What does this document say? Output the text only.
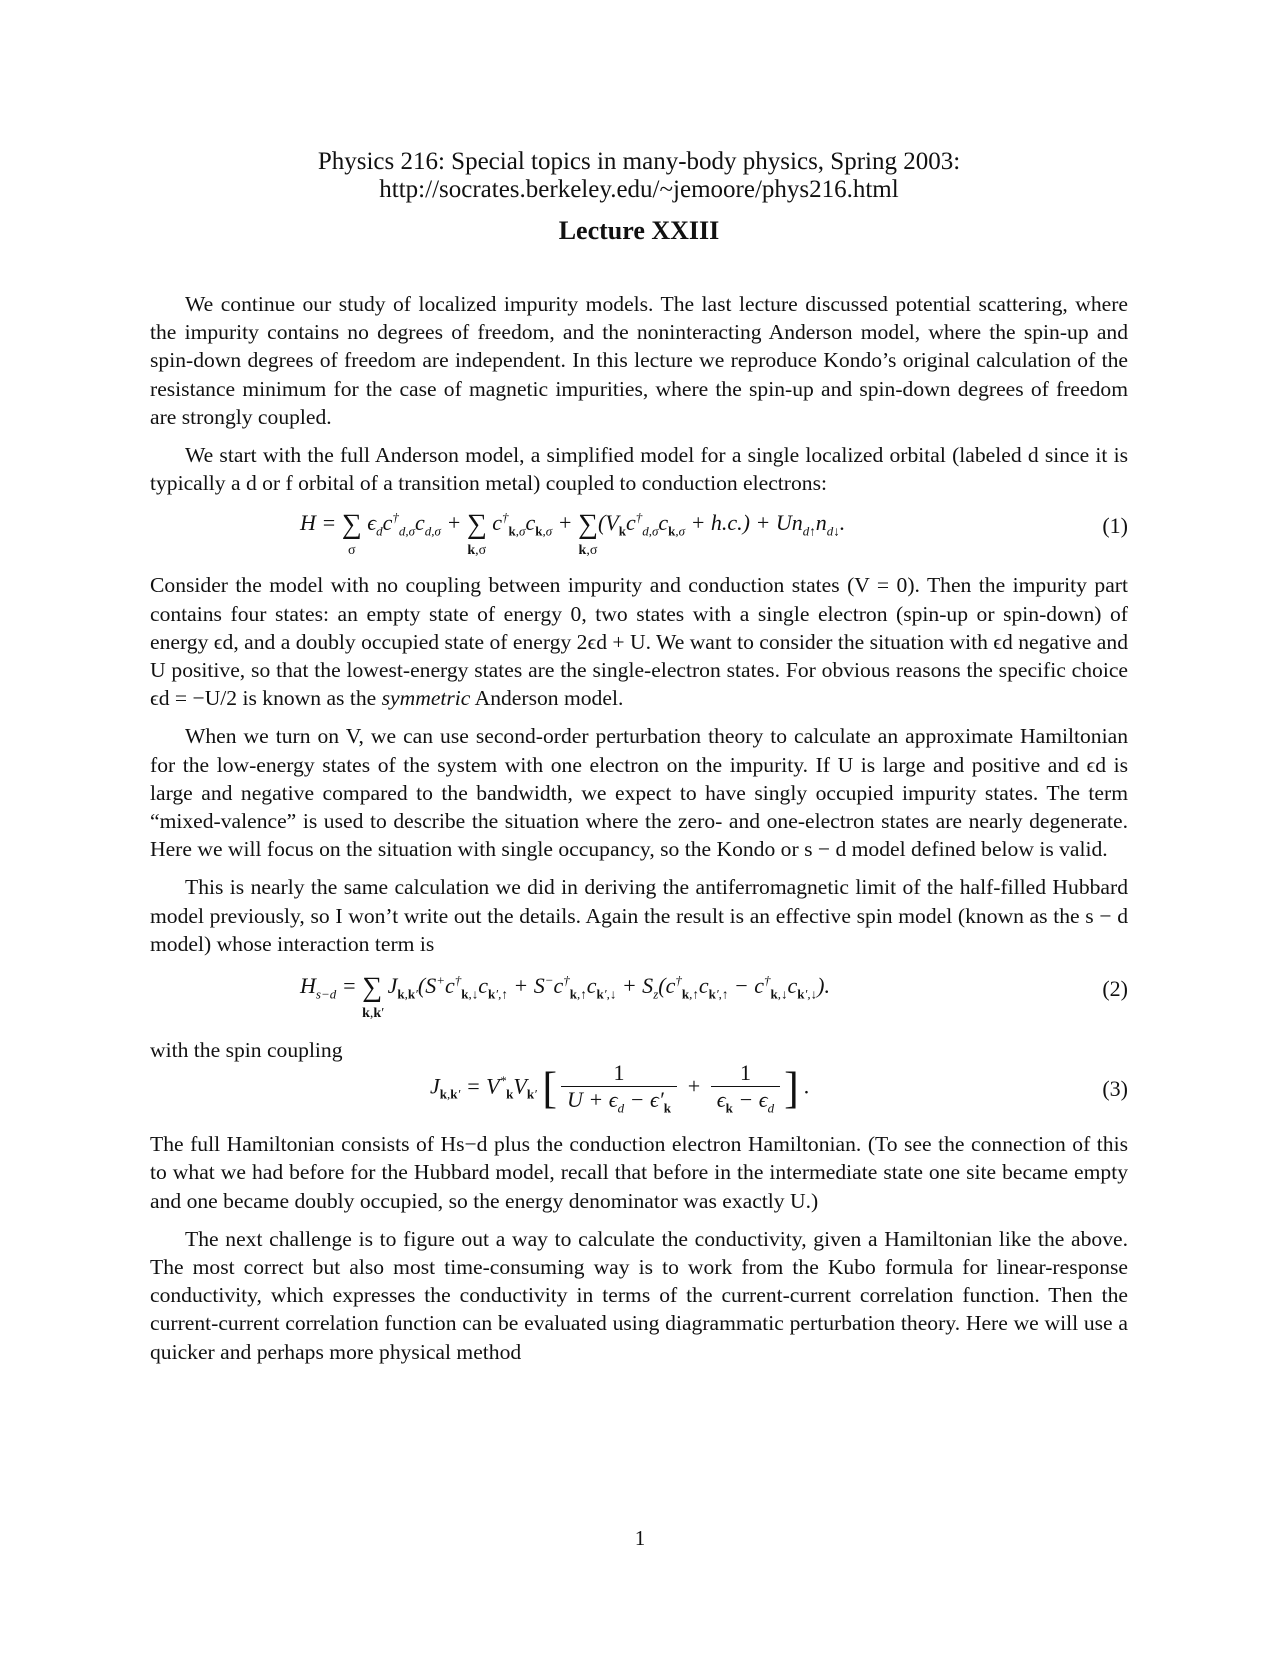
Physics 216: Special topics in many-body physics, Spring 2003:
http://socrates.berkeley.edu/~jemoore/phys216.html
Lecture XXIII

We continue our study of localized impurity models. The last lecture discussed potential scattering, where the impurity contains no degrees of freedom, and the noninteracting Anderson model, where the spin-up and spin-down degrees of freedom are independent. In this lecture we reproduce Kondo’s original calculation of the resistance minimum for the case of magnetic impurities, where the spin-up and spin-down degrees of freedom are strongly coupled.

We start with the full Anderson model, a simplified model for a single localized orbital (labeled d since it is typically a d or f orbital of a transition metal) coupled to conduction electrons:

H = ∑
σ
$\epsilon_dc^\dagger_{d,\sigma}c_{d,\sigma}$ + ∑
k,σ
$c^\dagger_{k,\sigma}c_{k,\sigma}$ + ∑
k,σ
$(V_kc^\dagger_{d,\sigma}c_{k,\sigma} + h.c.) + Un_{d↑}n_{d↓}$.	(1)

Consider the model with no coupling between impurity and conduction states (V = 0). Then the impurity part contains four states: an empty state of energy 0, two states with a single electron (spin-up or spin-down) of energy ϵd, and a doubly occupied state of energy 2ϵd + U. We want to consider the situation with ϵd negative and U positive, so that the lowest-energy states are the single-electron states. For obvious reasons the specific choice ϵd = −U/2 is known as the symmetric Anderson model.

When we turn on V, we can use second-order perturbation theory to calculate an approximate Hamiltonian for the low-energy states of the system with one electron on the impurity. If U is large and positive and ϵd is large and negative compared to the bandwidth, we expect to have singly occupied impurity states. The term “mixed-valence” is used to describe the situation where the zero- and one-electron states are nearly degenerate. Here we will focus on the situation with single occupancy, so the Kondo or s − d model defined below is valid.

This is nearly the same calculation we did in deriving the antiferromagnetic limit of the half-filled Hubbard model previously, so I won’t write out the details. Again the result is an effective spin model (known as the s − d model) whose interaction term is

$H_{s-d}$ = ∑
k,k′
$J_{k,k'}(S^+c^\dagger_{k,↓}c_{k',↑} + S^-c^\dagger_{k,↑}c_{k',↓} + S_z(c^\dagger_{k,↑}c_{k',↑} - c^\dagger_{k,↓}c_{k',↓})$.	(2)

with the spin coupling

$J_{k,k'} = V^*_kV_{k'}$ [ $\frac{1}{U + \epsilon_d - \epsilon'_k} + \frac{1}{\epsilon_k - \epsilon_d}$ ] .	(3)

The full Hamiltonian consists of Hs−d plus the conduction electron Hamiltonian. (To see the connection of this to what we had before for the Hubbard model, recall that before in the intermediate state one site became empty and one became doubly occupied, so the energy denominator was exactly U.)

The next challenge is to figure out a way to calculate the conductivity, given a Hamiltonian like the above. The most correct but also most time-consuming way is to work from the Kubo formula for linear-response conductivity, which expresses the conductivity in terms of the current-current correlation function. Then the current-current correlation function can be evaluated using diagrammatic perturbation theory. Here we will use a quicker and perhaps more physical method

1
